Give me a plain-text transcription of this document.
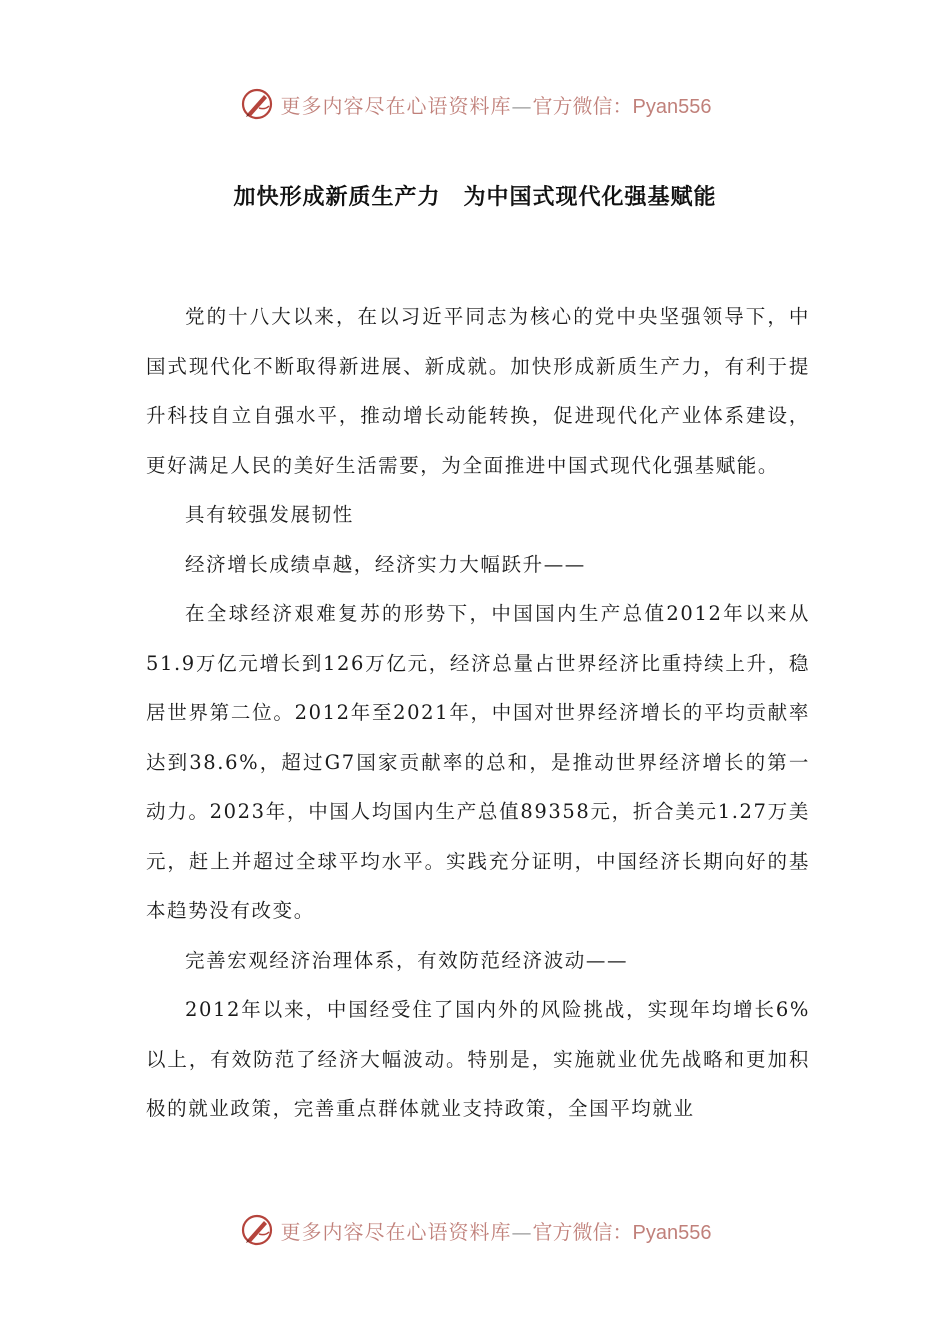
更多内容尽在心语资料库—官方微信：Pyan556
加快形成新质生产力　为中国式现代化强基赋能

党的十八大以来，在以习近平同志为核心的党中央坚强领导下，中国式现代化不断取得新进展、新成就。加快形成新质生产力，有利于提升科技自立自强水平，推动增长动能转换，促进现代化产业体系建设，更好满足人民的美好生活需要，为全面推进中国式现代化强基赋能。

具有较强发展韧性

经济增长成绩卓越，经济实力大幅跃升——

在全球经济艰难复苏的形势下，中国国内生产总值2012年以来从51.9万亿元增长到126万亿元，经济总量占世界经济比重持续上升，稳居世界第二位。2012年至2021年，中国对世界经济增长的平均贡献率达到38.6%，超过G7国家贡献率的总和，是推动世界经济增长的第一动力。2023年，中国人均国内生产总值89358元，折合美元1.27万美元，赶上并超过全球平均水平。实践充分证明，中国经济长期向好的基本趋势没有改变。

完善宏观经济治理体系，有效防范经济波动——

2012年以来，中国经受住了国内外的风险挑战，实现年均增长6%以上，有效防范了经济大幅波动。特别是，实施就业优先战略和更加积极的就业政策，完善重点群体就业支持政策，全国平均就业

更多内容尽在心语资料库—官方微信：Pyan556
